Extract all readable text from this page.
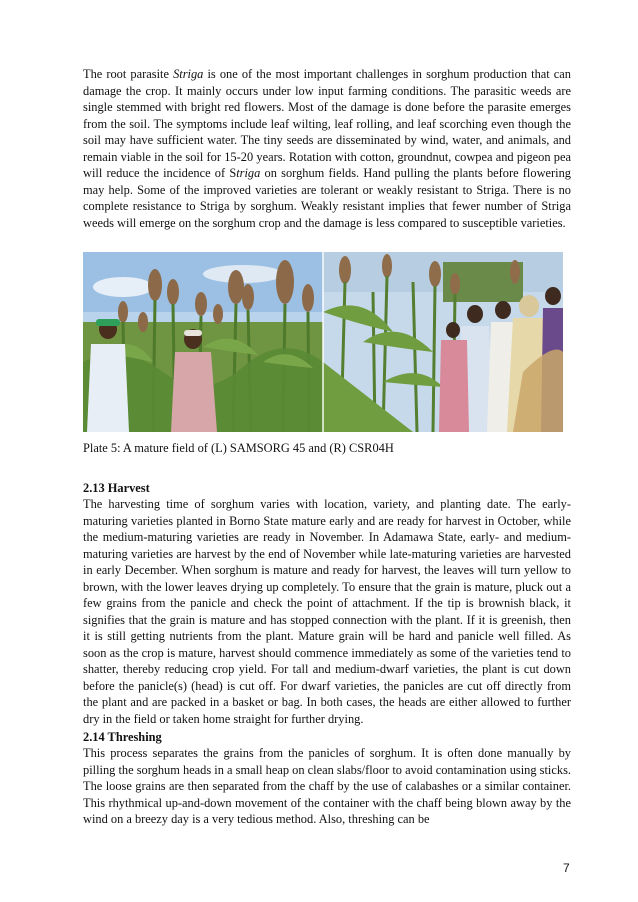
The root parasite Striga is one of the most important challenges in sorghum production that can damage the crop. It mainly occurs under low input farming conditions. The parasitic weeds are single stemmed with bright red flowers. Most of the damage is done before the parasite emerges from the soil. The symptoms include leaf wilting, leaf rolling, and leaf scorching even though the soil may have sufficient water. The tiny seeds are disseminated by wind, water, and animals, and remain viable in the soil for 15-20 years. Rotation with cotton, groundnut, cowpea and pigeon pea will reduce the incidence of Striga on sorghum fields. Hand pulling the plants before flowering may help. Some of the improved varieties are tolerant or weakly resistant to Striga. There is no complete resistance to Striga by sorghum. Weakly resistant implies that fewer number of Striga weeds will emerge on the sorghum crop and the damage is less compared to susceptible varieties.

Plate 5: A mature field of (L) SAMSORG 45 and (R) CSR04H

2.13 Harvest

The harvesting time of sorghum varies with location, variety, and planting date. The early-maturing varieties planted in Borno State mature early and are ready for harvest in October, while the medium-maturing varieties are ready in November. In Adamawa State, early- and medium-maturing varieties are harvest by the end of November while late-maturing varieties are harvested in early December. When sorghum is mature and ready for harvest, the leaves will turn yellow to brown, with the lower leaves drying up completely. To ensure that the grain is mature, pluck out a few grains from the panicle and check the point of attachment. If the tip is brownish black, it signifies that the grain is mature and has stopped connection with the plant. If it is greenish, then it is still getting nutrients from the plant. Mature grain will be hard and panicle well filled. As soon as the crop is mature, harvest should commence immediately as some of the varieties tend to shatter, thereby reducing crop yield. For tall and medium-dwarf varieties, the plant is cut down before the panicle(s) (head) is cut off. For dwarf varieties, the panicles are cut off directly from the plant and are packed in a basket or bag. In both cases, the heads are either allowed to further dry in the field or taken home straight for further drying.

2.14 Threshing

This process separates the grains from the panicles of sorghum. It is often done manually by pilling the sorghum heads in a small heap on clean slabs/floor to avoid contamination using sticks. The loose grains are then separated from the chaff by the use of calabashes or a similar container. This rhythmical up-and-down movement of the container with the chaff being blown away by the wind on a breezy day is a very tedious method. Also, threshing can be

7
